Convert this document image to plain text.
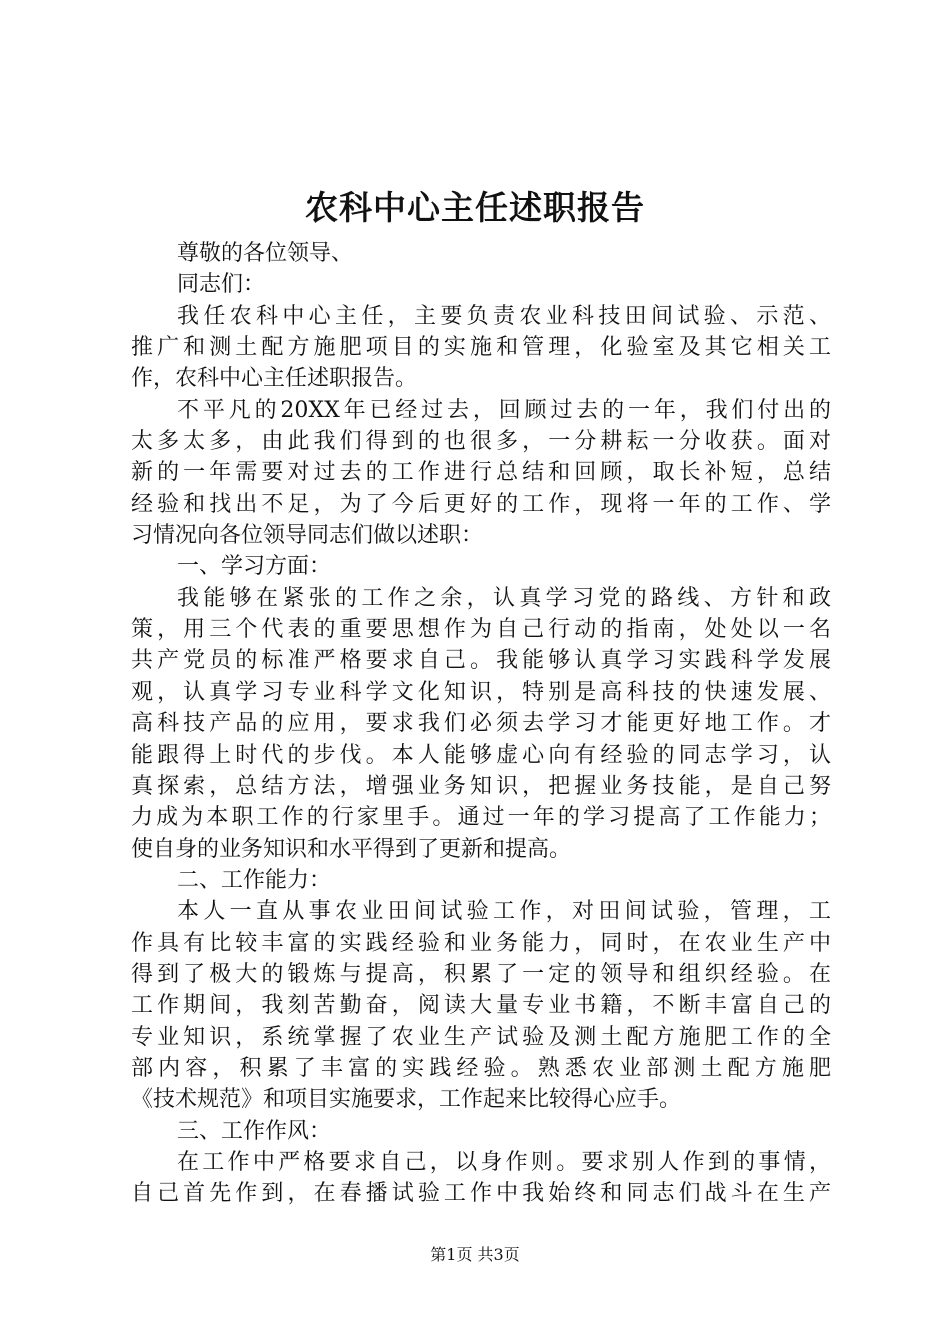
农科中心主任述职报告
尊敬的各位领导、
同志们：
我任农科中心主任，主要负责农业科技田间试验、示范、
推广和测土配方施肥项目的实施和管理，化验室及其它相关工
作，农科中心主任述职报告。
不平凡的20XX年已经过去，回顾过去的一年，我们付出的
太多太多，由此我们得到的也很多，一分耕耘一分收获。面对
新的一年需要对过去的工作进行总结和回顾，取长补短，总结
经验和找出不足，为了今后更好的工作，现将一年的工作、学
习情况向各位领导同志们做以述职：
一、学习方面：
我能够在紧张的工作之余，认真学习党的路线、方针和政
策，用三个代表的重要思想作为自己行动的指南，处处以一名
共产党员的标准严格要求自己。我能够认真学习实践科学发展
观，认真学习专业科学文化知识，特别是高科技的快速发展、
高科技产品的应用，要求我们必须去学习才能更好地工作。才
能跟得上时代的步伐。本人能够虚心向有经验的同志学习，认
真探索，总结方法，增强业务知识，把握业务技能，是自己努
力成为本职工作的行家里手。通过一年的学习提高了工作能力；
使自身的业务知识和水平得到了更新和提高。
二、工作能力：
本人一直从事农业田间试验工作，对田间试验，管理，工
作具有比较丰富的实践经验和业务能力，同时，在农业生产中
得到了极大的锻炼与提高，积累了一定的领导和组织经验。在
工作期间，我刻苦勤奋，阅读大量专业书籍，不断丰富自己的
专业知识，系统掌握了农业生产试验及测土配方施肥工作的全
部内容，积累了丰富的实践经验。熟悉农业部测土配方施肥
《技术规范》和项目实施要求，工作起来比较得心应手。
三、工作作风：
在工作中严格要求自己，以身作则。要求别人作到的事情，
自己首先作到，在春播试验工作中我始终和同志们战斗在生产
第1页 共3页
